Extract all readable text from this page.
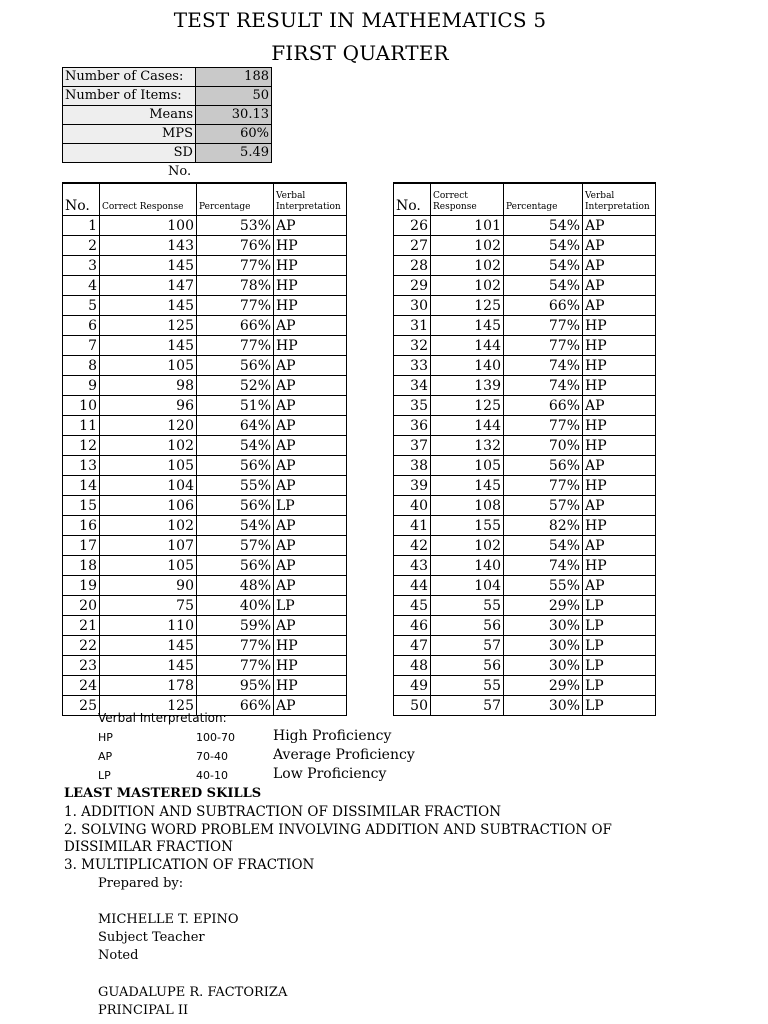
TEST RESULT IN MATHEMATICS 5
FIRST QUARTER
Number of Cases:	188
Number of Items:	50
Means	30.13
MPS	60%
SD	5.49
No.
No.	Correct Response	Percentage	Verbal Interpretation
1	100	53%	AP
2	143	76%	HP
3	145	77%	HP
4	147	78%	HP
5	145	77%	HP
6	125	66%	AP
7	145	77%	HP
8	105	56%	AP
9	98	52%	AP
10	96	51%	AP
11	120	64%	AP
12	102	54%	AP
13	105	56%	AP
14	104	55%	AP
15	106	56%	LP
16	102	54%	AP
17	107	57%	AP
18	105	56%	AP
19	90	48%	AP
20	75	40%	LP
21	110	59%	AP
22	145	77%	HP
23	145	77%	HP
24	178	95%	HP
25	125	66%	AP
No.	Correct Response	Percentage	Verbal Interpretation
26	101	54%	AP
27	102	54%	AP
28	102	54%	AP
29	102	54%	AP
30	125	66%	AP
31	145	77%	HP
32	144	77%	HP
33	140	74%	HP
34	139	74%	HP
35	125	66%	AP
36	144	77%	HP
37	132	70%	HP
38	105	56%	AP
39	145	77%	HP
40	108	57%	AP
41	155	82%	HP
42	102	54%	AP
43	140	74%	HP
44	104	55%	AP
45	55	29%	LP
46	56	30%	LP
47	57	30%	LP
48	56	30%	LP
49	55	29%	LP
50	57	30%	LP
Verbal Interpretation:
HP	100-70	High Proficiency
AP	70-40	Average Proficiency
LP	40-10	Low Proficiency
LEAST MASTERED SKILLS
1. ADDITION AND SUBTRACTION OF DISSIMILAR FRACTION
2. SOLVING WORD PROBLEM INVOLVING ADDITION AND SUBTRACTION OF DISSIMILAR FRACTION
3. MULTIPLICATION OF FRACTION
Prepared by:
MICHELLE T. EPINO
Subject Teacher
Noted
GUADALUPE R. FACTORIZA
PRINCIPAL II
